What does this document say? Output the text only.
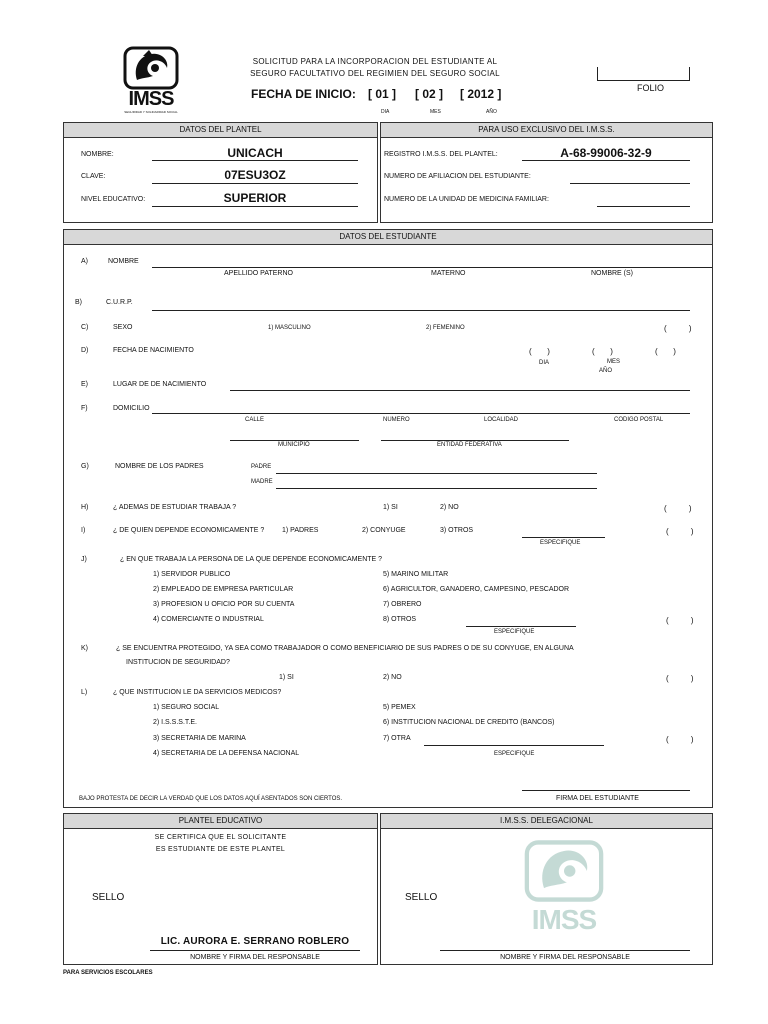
IMSS
SEGURIDAD Y SOLIDARIDAD SOCIAL
SOLICITUD PARA LA INCORPORACION DEL ESTUDIANTE AL
SEGURO FACULTATIVO DEL REGIMIEN DEL SEGURO SOCIAL
FECHA DE INICIO: [ 01 ] [ 02 ] [ 2012 ]
DIA	MES	AÑO
FOLIO
DATOS DEL PLANTEL
NOMBRE:	UNICACH
CLAVE:	07ESU3OZ
NIVEL EDUCATIVO:	SUPERIOR
PARA USO EXCLUSIVO DEL I.M.S.S.
REGISTRO I.M.S.S. DEL PLANTEL:	A-68-99006-32-9
NUMERO DE AFILIACION DEL ESTUDIANTE:
NUMERO DE LA UNIDAD DE MEDICINA FAMILIAR:
DATOS DEL ESTUDIANTE
A)	NOMBRE
APELLIDO PATERNO	MATERNO	NOMBRE (S)
B)	C.U.R.P.
C)	SEXO	1) MASCULINO	2) FEMENINO	(          )
D)	FECHA DE NACIMIENTO	(       )	(       )	(       )
DIA	MES
AÑO
E)	LUGAR DE DE NACIMIENTO
F)	DOMICILIO
CALLE	NUMERO	LOCALIDAD	CODIGO POSTAL
MUNICIPIO	ENTIDAD FEDERATIVA
G)	NOMBRE DE LOS PADRES	PADRE
MADRE
H)	¿ ADEMAS DE ESTUDIAR TRABAJA ?	1) SI	2) NO	(          )
I)	¿ DE QUIEN DEPENDE ECONOMICAMENTE ?	1) PADRES	2) CONYUGE	3) OTROS
ESPECIFIQUE
(          )
J)	¿ EN QUE TRABAJA LA PERSONA DE LA QUE DEPENDE ECONOMICAMENTE ?
1) SERVIDOR PUBLICO
2) EMPLEADO DE EMPRESA PARTICULAR
3) PROFESION U OFICIO POR SU CUENTA
4) COMERCIANTE O INDUSTRIAL
5) MARINO MILITAR
6) AGRICULTOR, GANADERO, CAMPESINO, PESCADOR
7) OBRERO
8) OTROS
ESPECIFIQUE
(          )
K)	¿ SE ENCUENTRA PROTEGIDO, YA SEA COMO TRABAJADOR O COMO BENEFICIARIO DE SUS PADRES O DE SU CONYUGE, EN ALGUNA
INSTITUCION DE SEGURIDAD?
1) SI	2) NO	(          )
L)	¿ QUE INSTITUCION LE DA SERVICIOS MEDICOS?
1) SEGURO SOCIAL
2) I.S.S.S.T.E.
3) SECRETARIA DE MARINA
4) SECRETARIA DE LA DEFENSA NACIONAL
5) PEMEX
6) INSTITUCION NACIONAL DE CREDITO (BANCOS)
7) OTRA
ESPECIFIQUE
(          )
BAJO PROTESTA DE DECIR LA VERDAD QUE LOS DATOS AQUÍ ASENTADOS SON CIERTOS.	FIRMA DEL ESTUDIANTE
PLANTEL EDUCATIVO
SE CERTIFICA QUE EL SOLICITANTE
ES ESTUDIANTE DE ESTE PLANTEL
SELLO
LIC. AURORA E. SERRANO ROBLERO
NOMBRE Y FIRMA DEL RESPONSABLE
I.M.S.S. DELEGACIONAL
IMSS
SELLO
NOMBRE Y FIRMA DEL RESPONSABLE
PARA SERVICIOS ESCOLARES
